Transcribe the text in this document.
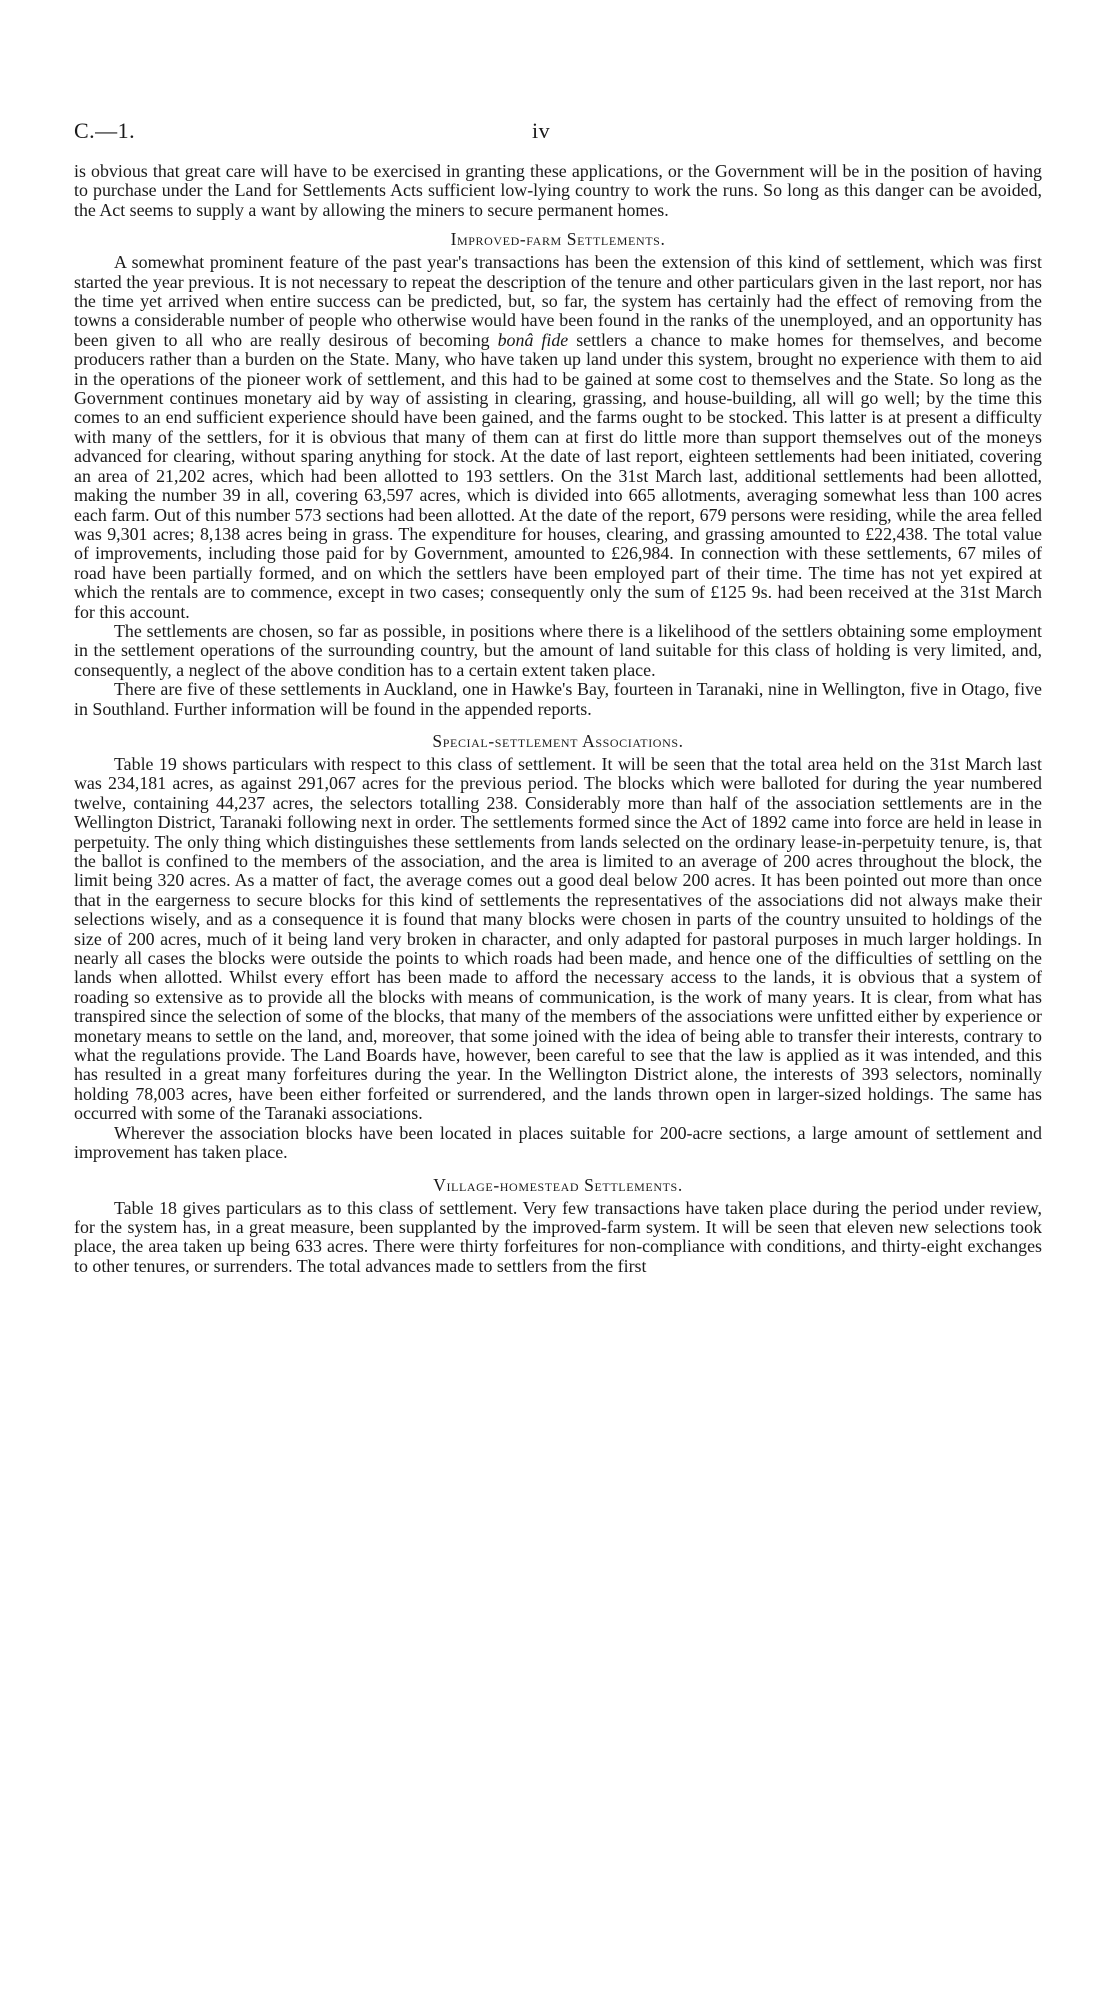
C.—1.	iv

is obvious that great care will have to be exercised in granting these applications, or the Government will be in the position of having to purchase under the Land for Settlements Acts sufficient low-lying country to work the runs. So long as this danger can be avoided, the Act seems to supply a want by allowing the miners to secure permanent homes.

Improved-farm Settlements.

A somewhat prominent feature of the past year's transactions has been the extension of this kind of settlement, which was first started the year previous. It is not necessary to repeat the description of the tenure and other particulars given in the last report, nor has the time yet arrived when entire success can be predicted, but, so far, the system has certainly had the effect of removing from the towns a considerable number of people who otherwise would have been found in the ranks of the unemployed, and an opportunity has been given to all who are really desirous of becoming bonâ fide settlers a chance to make homes for themselves, and become producers rather than a burden on the State. Many, who have taken up land under this system, brought no experience with them to aid in the operations of the pioneer work of settlement, and this had to be gained at some cost to themselves and the State. So long as the Government continues monetary aid by way of assisting in clearing, grassing, and house-building, all will go well; by the time this comes to an end sufficient experience should have been gained, and the farms ought to be stocked. This latter is at present a difficulty with many of the settlers, for it is obvious that many of them can at first do little more than support themselves out of the moneys advanced for clearing, without sparing anything for stock. At the date of last report, eighteen settlements had been initiated, covering an area of 21,202 acres, which had been allotted to 193 settlers. On the 31st March last, additional settlements had been allotted, making the number 39 in all, covering 63,597 acres, which is divided into 665 allotments, averaging somewhat less than 100 acres each farm. Out of this number 573 sections had been allotted. At the date of the report, 679 persons were residing, while the area felled was 9,301 acres; 8,138 acres being in grass. The expenditure for houses, clearing, and grassing amounted to £22,438. The total value of improvements, including those paid for by Government, amounted to £26,984. In connection with these settlements, 67 miles of road have been partially formed, and on which the settlers have been employed part of their time. The time has not yet expired at which the rentals are to commence, except in two cases; consequently only the sum of £125 9s. had been received at the 31st March for this account.

The settlements are chosen, so far as possible, in positions where there is a likelihood of the settlers obtaining some employment in the settlement operations of the surrounding country, but the amount of land suitable for this class of holding is very limited, and, consequently, a neglect of the above condition has to a certain extent taken place.

There are five of these settlements in Auckland, one in Hawke's Bay, fourteen in Taranaki, nine in Wellington, five in Otago, five in Southland. Further information will be found in the appended reports.

Special-settlement Associations.

Table 19 shows particulars with respect to this class of settlement. It will be seen that the total area held on the 31st March last was 234,181 acres, as against 291,067 acres for the previous period. The blocks which were balloted for during the year numbered twelve, containing 44,237 acres, the selectors totalling 238. Considerably more than half of the association settlements are in the Wellington District, Taranaki following next in order. The settlements formed since the Act of 1892 came into force are held in lease in perpetuity. The only thing which distinguishes these settlements from lands selected on the ordinary lease-in-perpetuity tenure, is, that the ballot is confined to the members of the association, and the area is limited to an average of 200 acres throughout the block, the limit being 320 acres. As a matter of fact, the average comes out a good deal below 200 acres. It has been pointed out more than once that in the eargerness to secure blocks for this kind of settlements the representatives of the associations did not always make their selections wisely, and as a consequence it is found that many blocks were chosen in parts of the country unsuited to holdings of the size of 200 acres, much of it being land very broken in character, and only adapted for pastoral purposes in much larger holdings. In nearly all cases the blocks were outside the points to which roads had been made, and hence one of the difficulties of settling on the lands when allotted. Whilst every effort has been made to afford the necessary access to the lands, it is obvious that a system of roading so extensive as to provide all the blocks with means of communication, is the work of many years. It is clear, from what has transpired since the selection of some of the blocks, that many of the members of the associations were unfitted either by experience or monetary means to settle on the land, and, moreover, that some joined with the idea of being able to transfer their interests, contrary to what the regulations provide. The Land Boards have, however, been careful to see that the law is applied as it was intended, and this has resulted in a great many forfeitures during the year. In the Wellington District alone, the interests of 393 selectors, nominally holding 78,003 acres, have been either forfeited or surrendered, and the lands thrown open in larger-sized holdings. The same has occurred with some of the Taranaki associations.

Wherever the association blocks have been located in places suitable for 200-acre sections, a large amount of settlement and improvement has taken place.

Village-homestead Settlements.

Table 18 gives particulars as to this class of settlement. Very few transactions have taken place during the period under review, for the system has, in a great measure, been supplanted by the improved-farm system. It will be seen that eleven new selections took place, the area taken up being 633 acres. There were thirty forfeitures for non-compliance with conditions, and thirty-eight exchanges to other tenures, or surrenders. The total advances made to settlers from the first
